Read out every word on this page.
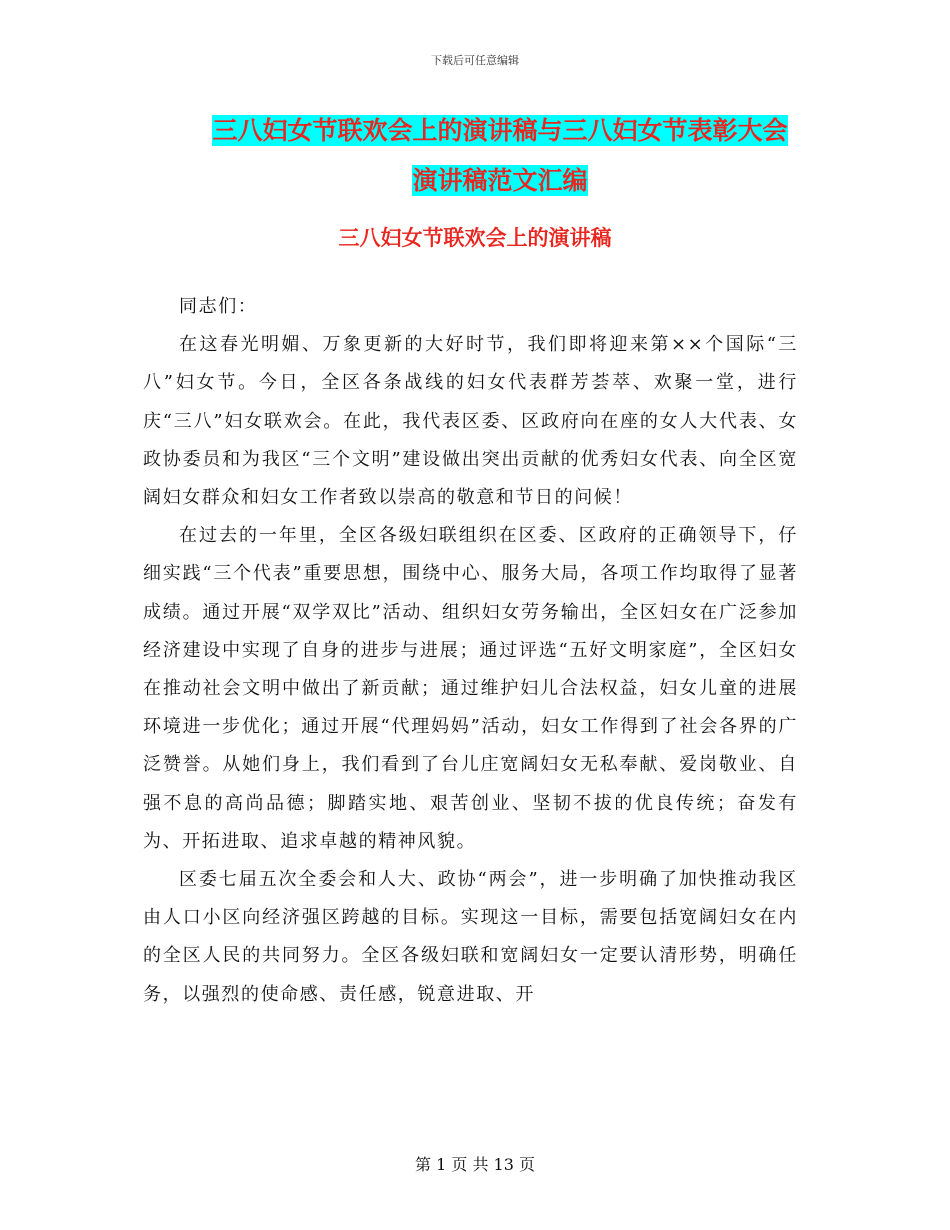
下载后可任意编辑
三八妇女节联欢会上的演讲稿与三八妇女节表彰大会
演讲稿范文汇编
三八妇女节联欢会上的演讲稿

同志们：

在这春光明媚、万象更新的大好时节，我们即将迎来第××个国际“三八”妇女节。今日，全区各条战线的妇女代表群芳荟萃、欢聚一堂，进行庆“三八”妇女联欢会。在此，我代表区委、区政府向在座的女人大代表、女政协委员和为我区“三个文明”建设做出突出贡献的优秀妇女代表、向全区宽阔妇女群众和妇女工作者致以崇高的敬意和节日的问候！

在过去的一年里，全区各级妇联组织在区委、区政府的正确领导下，仔细实践“三个代表”重要思想，围绕中心、服务大局，各项工作均取得了显著成绩。通过开展“双学双比”活动、组织妇女劳务输出，全区妇女在广泛参加经济建设中实现了自身的进步与进展；通过评选“五好文明家庭”，全区妇女在推动社会文明中做出了新贡献；通过维护妇儿合法权益，妇女儿童的进展环境进一步优化；通过开展“代理妈妈”活动，妇女工作得到了社会各界的广泛赞誉。从她们身上，我们看到了台儿庄宽阔妇女无私奉献、爱岗敬业、自强不息的高尚品德；脚踏实地、艰苦创业、坚韧不拔的优良传统；奋发有为、开拓进取、追求卓越的精神风貌。

区委七届五次全委会和人大、政协“两会”，进一步明确了加快推动我区由人口小区向经济强区跨越的目标。实现这一目标，需要包括宽阔妇女在内的全区人民的共同努力。全区各级妇联和宽阔妇女一定要认清形势，明确任务，以强烈的使命感、责任感，锐意进取、开

第 1 页 共 13 页
